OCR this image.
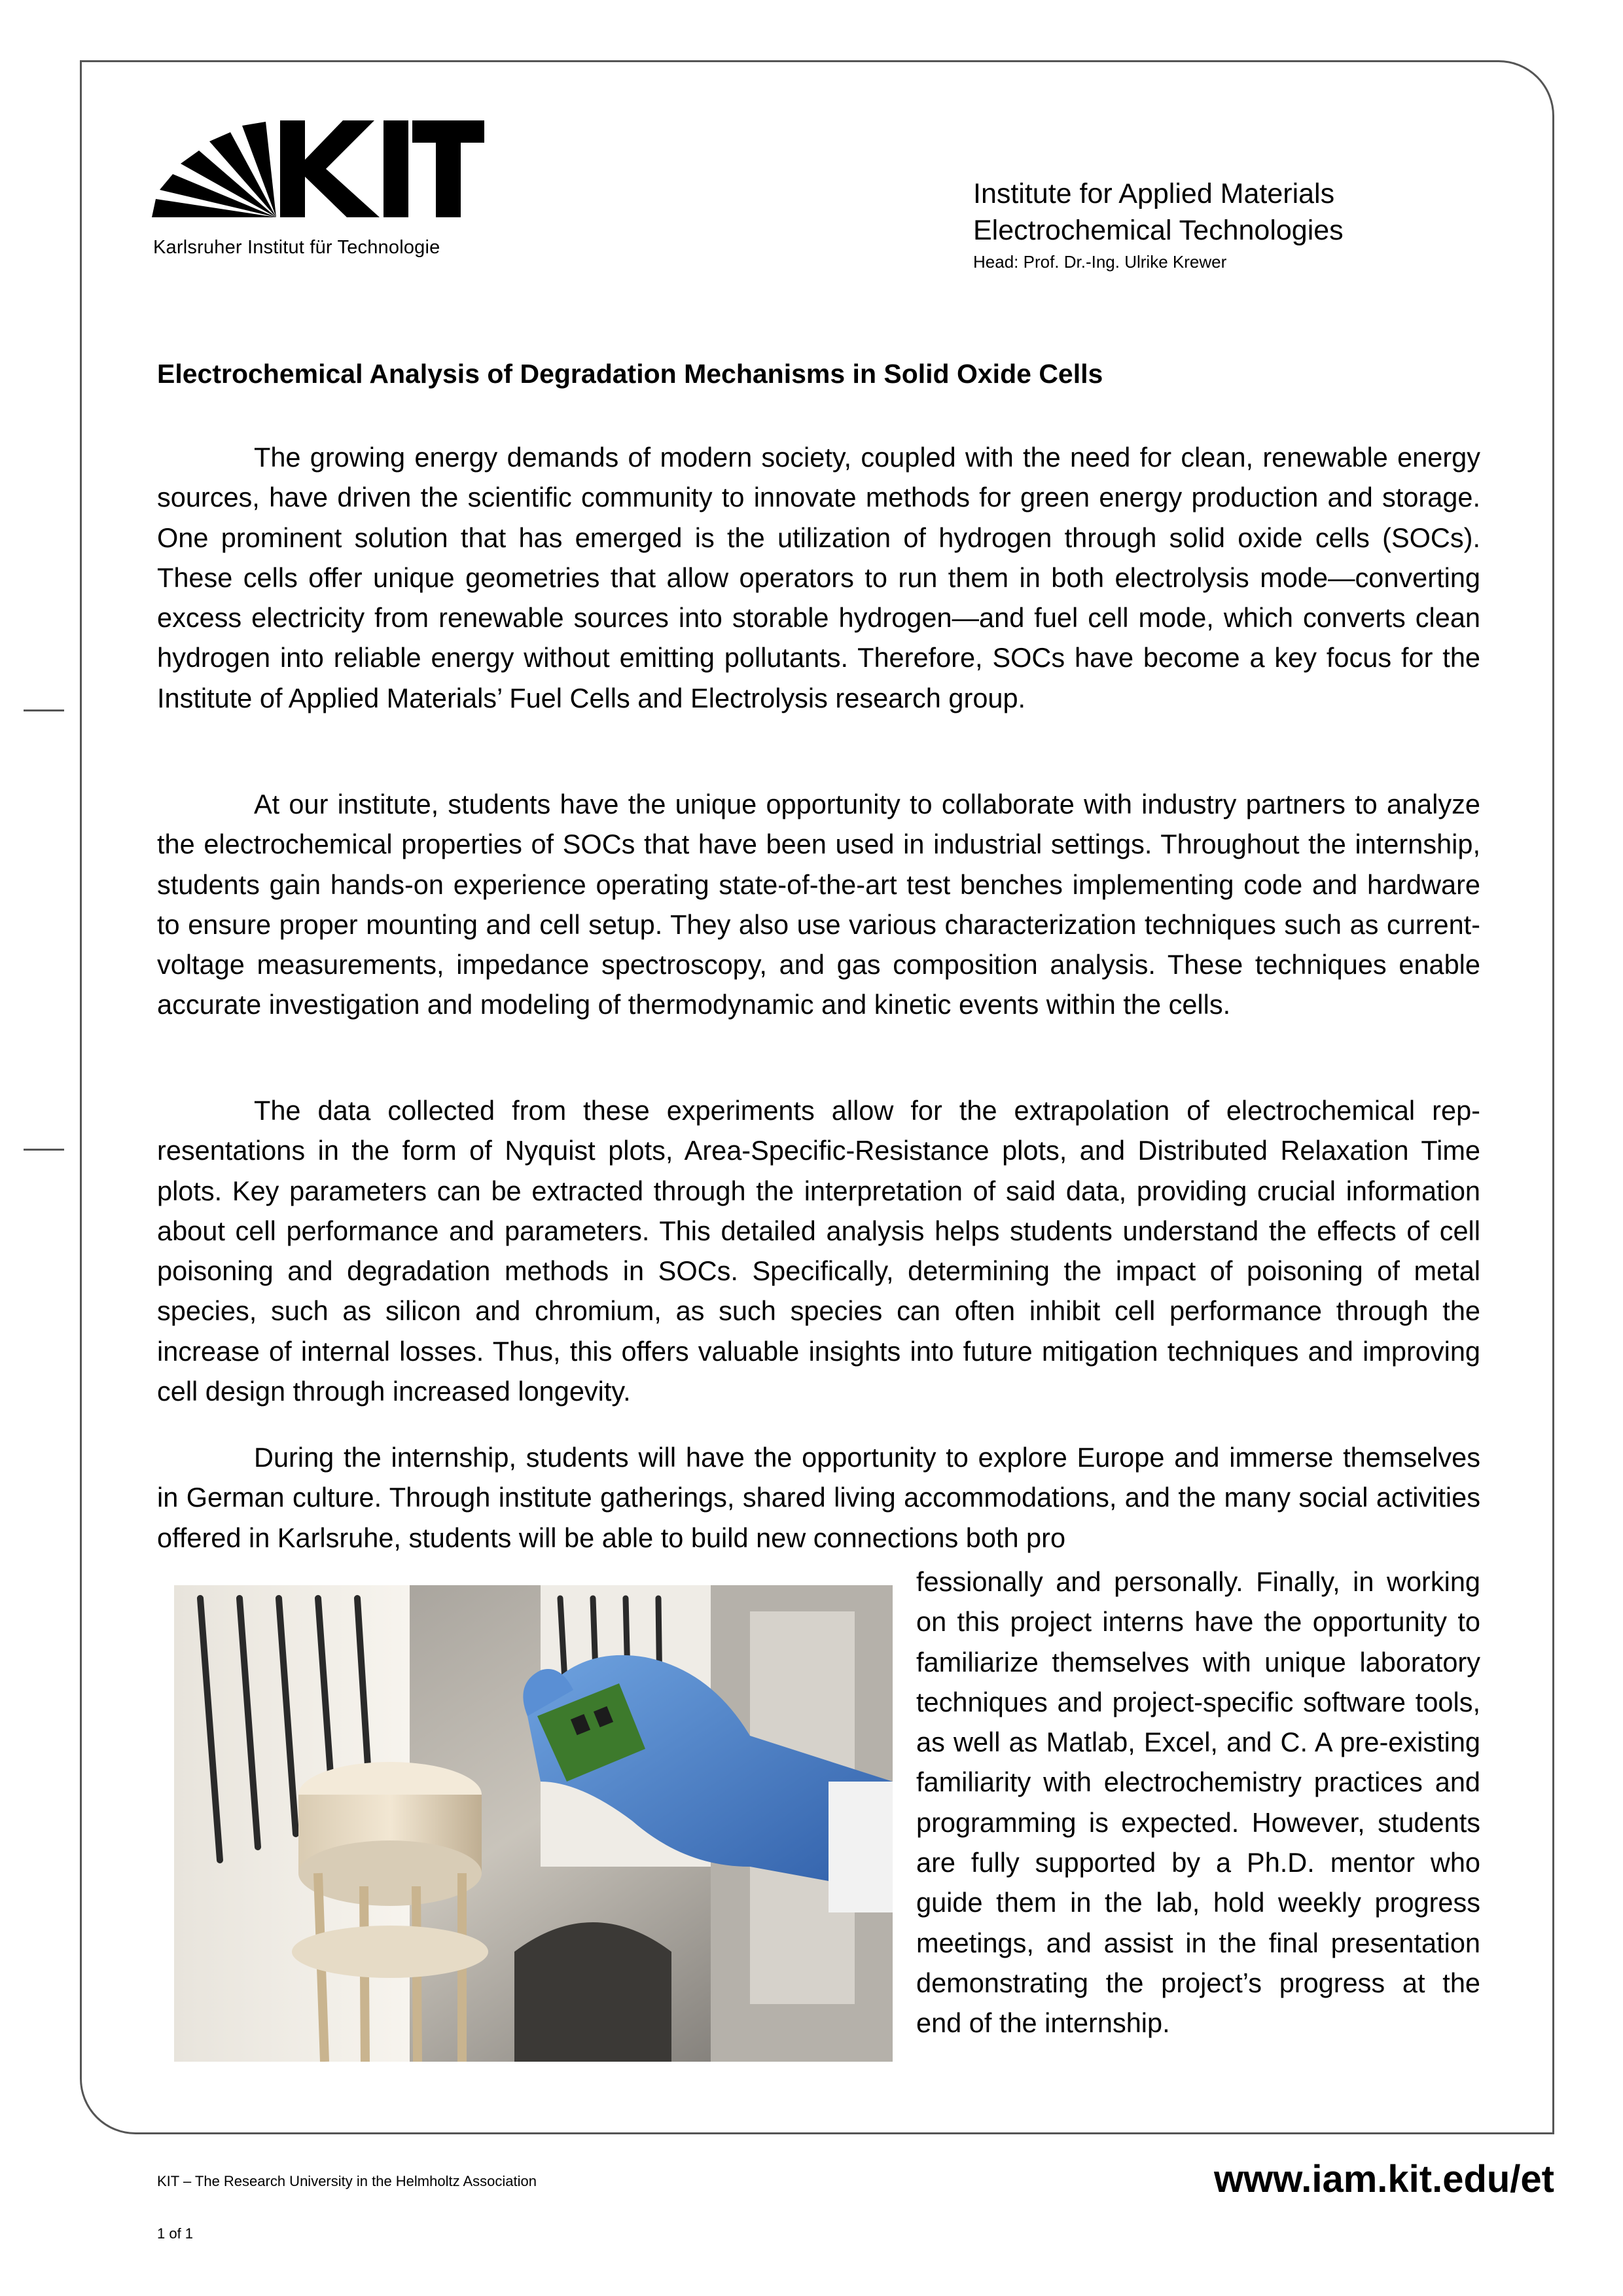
Karlsruher Institut für Technologie
Institute for Applied Materials
Electrochemical Technologies
Head: Prof. Dr.-Ing. Ulrike Krewer
Electrochemical Analysis of Degradation Mechanisms in Solid Oxide Cells

The growing energy demands of modern society, coupled with the need for clean, renewable energy sources, have driven the scientific community to innovate methods for green energy production and storage. One prominent solution that has emerged is the utilization of hydrogen through solid oxide cells (SOCs). These cells offer unique geometries that allow operators to run them in both electrolysis mode—converting excess electricity from renewable sources into storable hydrogen—and fuel cell mode, which converts clean hydrogen into reliable energy without emitting pollutants. Therefore, SOCs have become a key focus for the Institute of Applied Materials’ Fuel Cells and Electrolysis research group.

At our institute, students have the unique opportunity to collaborate with industry partners to analyze the electrochemical properties of SOCs that have been used in industrial settings. Throughout the internship, students gain hands-on experience operating state-of-the-art test benches implementing code and hardware to ensure proper mounting and cell setup. They also use various characterization techniques such as current-voltage measurements, impedance spectroscopy, and gas composition analysis. These techniques enable accurate investigation and modeling of thermodynamic and kinetic events within the cells.

The data collected from these experiments allow for the extrapolation of electrochemical representations in the form of Nyquist plots, Area-Specific-Resistance plots, and Distributed Relaxation Time plots. Key parameters can be extracted through the interpretation of said data, providing crucial information about cell performance and parameters. This detailed analysis helps students understand the effects of cell poisoning and degradation methods in SOCs. Specifically, determining the impact of poisoning of metal species, such as silicon and chromium, as such species can often inhibit cell performance through the increase of internal losses. Thus, this offers valuable insights into future mitigation techniques and improving cell design through increased longevity.

During the internship, students will have the opportunity to explore Europe and immerse themselves in German culture. Through institute gatherings, shared living accommodations, and the many social activities offered in Karlsruhe, students will be able to build new connections both pro

fessionally and personally. Finally, in working on this project interns have the opportunity to familiarize themselves with unique laboratory techniques and project-specific software tools, as well as Matlab, Excel, and C. A pre-existing familiarity with electrochemistry practices and programming is expected. However, students are fully supported by a Ph.D. mentor who guide them in the lab, hold weekly progress meetings, and assist in the final presentation demonstrating the project’s progress at the end of the internship.
KIT – The Research University in the Helmholtz Association
1 of 1
www.iam.kit.edu/et
